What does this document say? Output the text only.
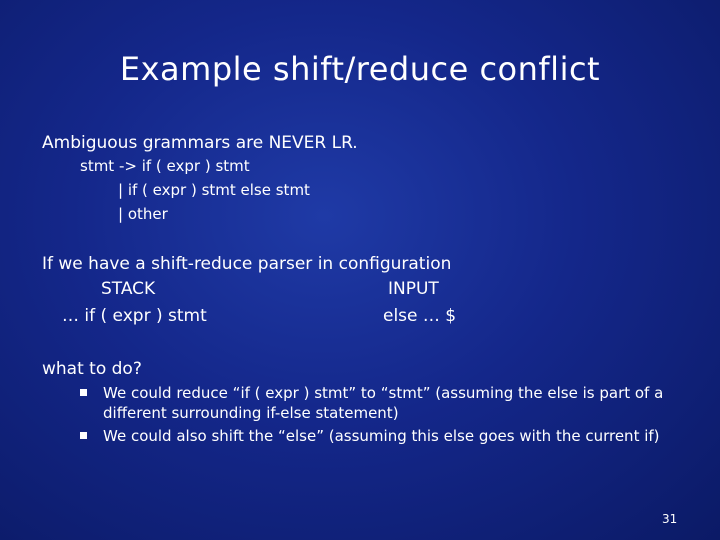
Example shift/reduce conflict
Ambiguous grammars are NEVER LR.
stmt -> if ( expr ) stmt
| if ( expr ) stmt else stmt
| other
If we have a shift-reduce parser in configuration
STACK	INPUT
… if ( expr ) stmt	else … $
what to do?
We could reduce “if ( expr ) stmt” to “stmt” (assuming the else is part of a different surrounding if-else statement)
We could also shift the “else” (assuming this else goes with the current if)
31
